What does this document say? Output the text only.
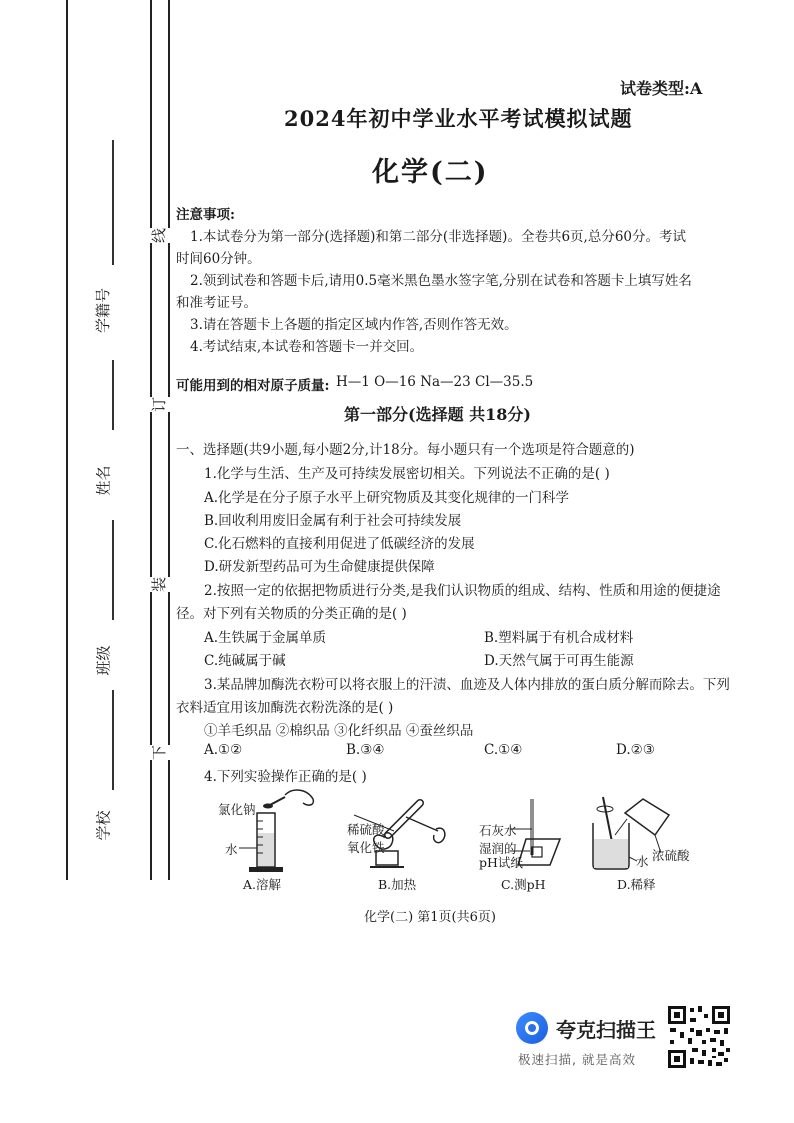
学籍号
姓名
班级
学校
线
订
装
下
试卷类型:A
2024年初中学业水平考试模拟试题
化学(二)
注意事项:
1.本试卷分为第一部分(选择题)和第二部分(非选择题)。全卷共6页,总分60分。考试
时间60分钟。
2.领到试卷和答题卡后,请用0.5毫米黑色墨水签字笔,分别在试卷和答题卡上填写姓名
和准考证号。
3.请在答题卡上各题的指定区域内作答,否则作答无效。
4.考试结束,本试卷和答题卡一并交回。
可能用到的相对原子质量: H—1 O—16 Na—23 Cl—35.5
第一部分(选择题 共18分)
一、选择题(共9小题,每小题2分,计18分。每小题只有一个选项是符合题意的)
1.化学与生活、生产及可持续发展密切相关。下列说法不正确的是( )
A.化学是在分子原子水平上研究物质及其变化规律的一门科学
B.回收利用废旧金属有利于社会可持续发展
C.化石燃料的直接利用促进了低碳经济的发展
D.研发新型药品可为生命健康提供保障
2.按照一定的依据把物质进行分类,是我们认识物质的组成、结构、性质和用途的便捷途
径。对下列有关物质的分类正确的是( )
A.生铁属于金属单质	B.塑料属于有机合成材料
C.纯碱属于碱	D.天然气属于可再生能源
3.某品牌加酶洗衣粉可以将衣服上的汗渍、血迹及人体内排放的蛋白质分解而除去。下列
衣料适宜用该加酶洗衣粉洗涤的是( )
①羊毛织品 ②棉织品 ③化纤织品 ④蚕丝织品
A.①②	B.③④	C.①④	D.②③
4.下列实验操作正确的是( )
氯化钠
水
A.溶解
稀硫酸
氧化铁
B.加热
石灰水
湿润的
pH试纸
C.测pH
水 浓硫酸
D.稀释
化学(二) 第1页(共6页)
夸克扫描王
极速扫描, 就是高效
